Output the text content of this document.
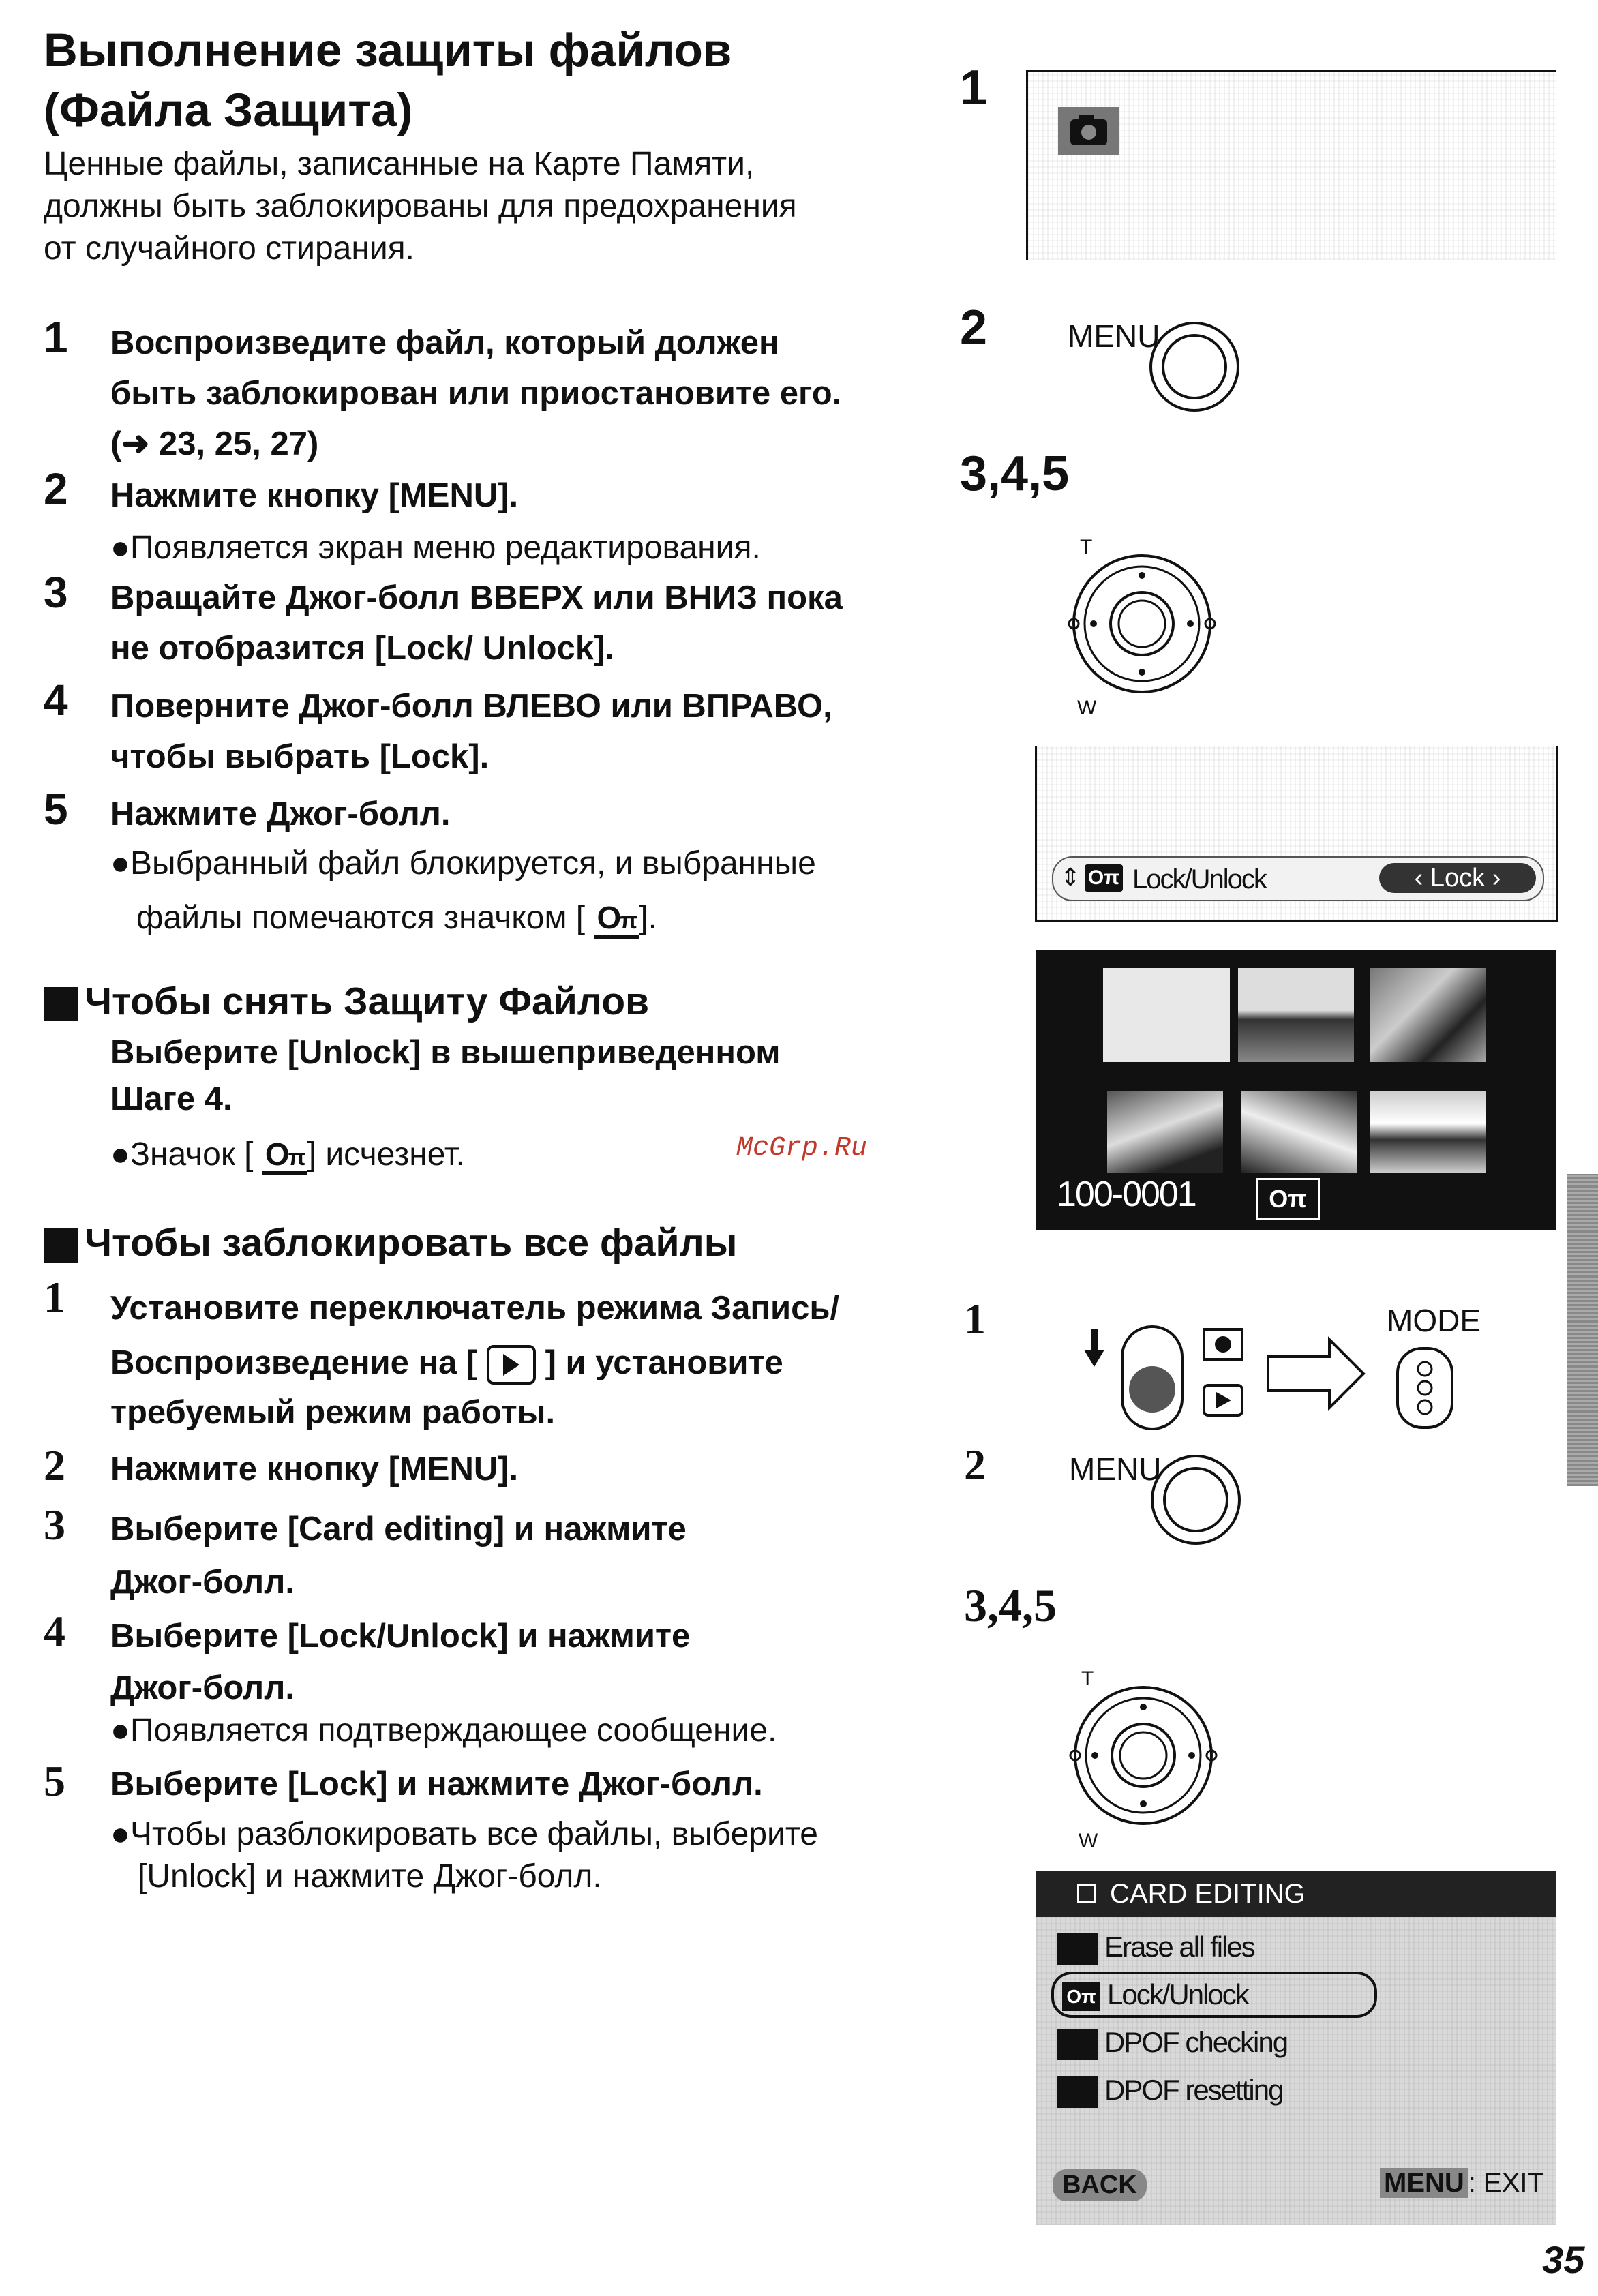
Выполнение защиты файлов
(Файла Защита)
Ценные файлы, записанные на Карте Памяти,
должны быть заблокированы для предохранения
от случайного стирания.
1 Воспроизведите файл, который должен
быть заблокирован или приостановите его.
(➜ 23, 25, 27)
2 Нажмите кнопку [MENU].
●Появляется экран меню редактирования.
3 Вращайте Джог-болл ВВЕРХ или ВНИЗ пока
не отобразится [Lock/ Unlock].
4 Поверните Джог-болл ВЛЕВО или ВПРАВО,
чтобы выбрать [Lock].
5 Нажмите Джог-болл.
●Выбранный файл блокируется, и выбранные
файлы помечаются значком [ Oπ].
Чтобы снять Защиту Файлов
Выберите [Unlock] в вышеприведенном
Шаге 4.
●Значок [ Oπ] исчезнет.	McGrp.Ru
Чтобы заблокировать все файлы
1 Установите переключатель режима Запись/
Воспроизведение на [ ] и установите
требуемый режим работы.
2 Нажмите кнопку [MENU].
3 Выберите [Card editing] и нажмите
Джог-болл.
4 Выберите [Lock/Unlock] и нажмите
Джог-болл.
●Появляется подтверждающее сообщение.
5 Выберите [Lock] и нажмите Джог-болл.
●Чтобы разблокировать все файлы, выберите
[Unlock] и нажмите Джог-болл.
1
2	MENU
3,4,5
T
W
⇕ Oπ Lock/Unlock	‹ Lock ›
100-0001	Oπ
1	MODE
2	MENU
3,4,5
T
W
CARD EDITING
Erase all files
Oπ Lock/Unlock
DPOF checking
DPOF resetting
BACK	MENU : EXIT
35
